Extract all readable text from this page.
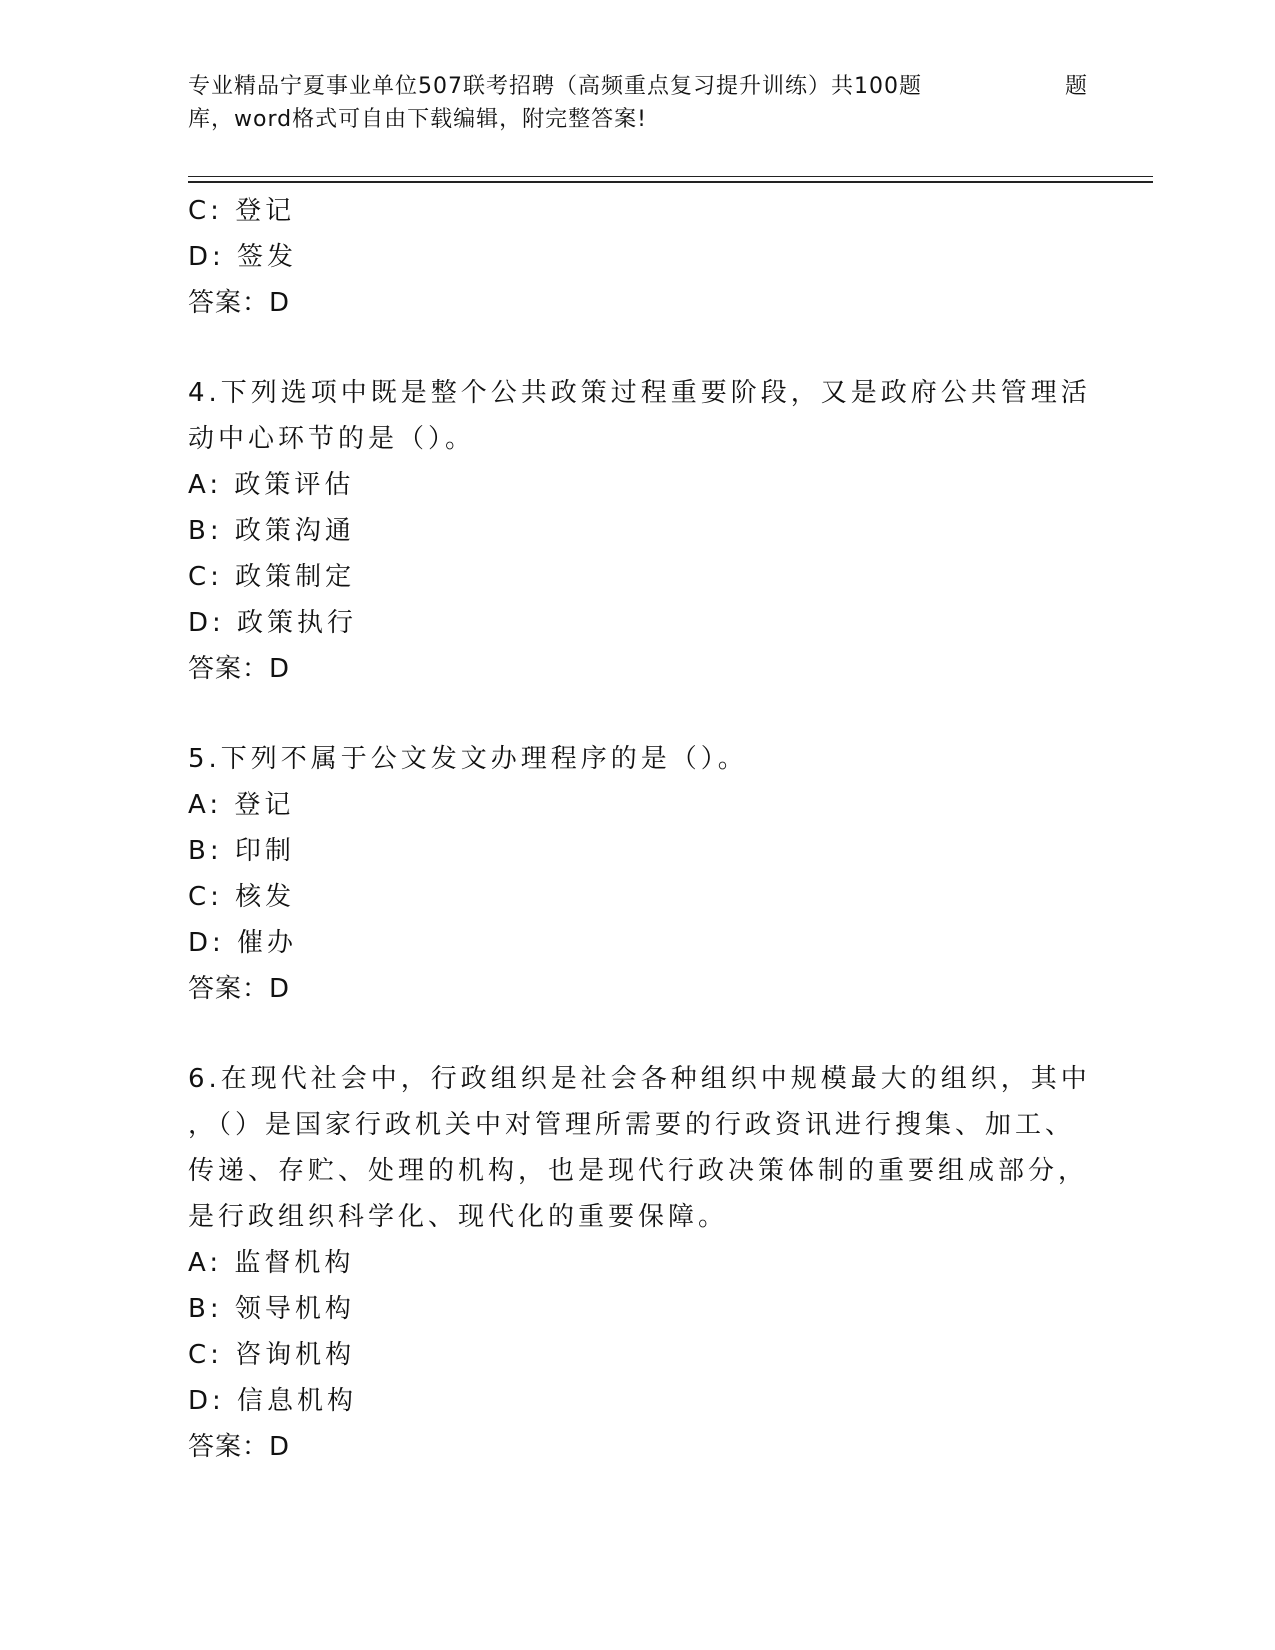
专业精品宁夏事业单位507联考招聘（高频重点复习提升训练）共100题	题
库，word格式可自由下载编辑，附完整答案!
C: 登记
D: 签发
答案：D
4.下列选项中既是整个公共政策过程重要阶段，又是政府公共管理活
动中心环节的是（）。
A: 政策评估
B: 政策沟通
C: 政策制定
D: 政策执行
答案：D
5.下列不属于公文发文办理程序的是（）。
A: 登记
B: 印制
C: 核发
D: 催办
答案：D
6.在现代社会中，行政组织是社会各种组织中规模最大的组织，其中
，（）是国家行政机关中对管理所需要的行政资讯进行搜集、加工、
传递、存贮、处理的机构，也是现代行政决策体制的重要组成部分，
是行政组织科学化、现代化的重要保障。
A: 监督机构
B: 领导机构
C: 咨询机构
D: 信息机构
答案：D
